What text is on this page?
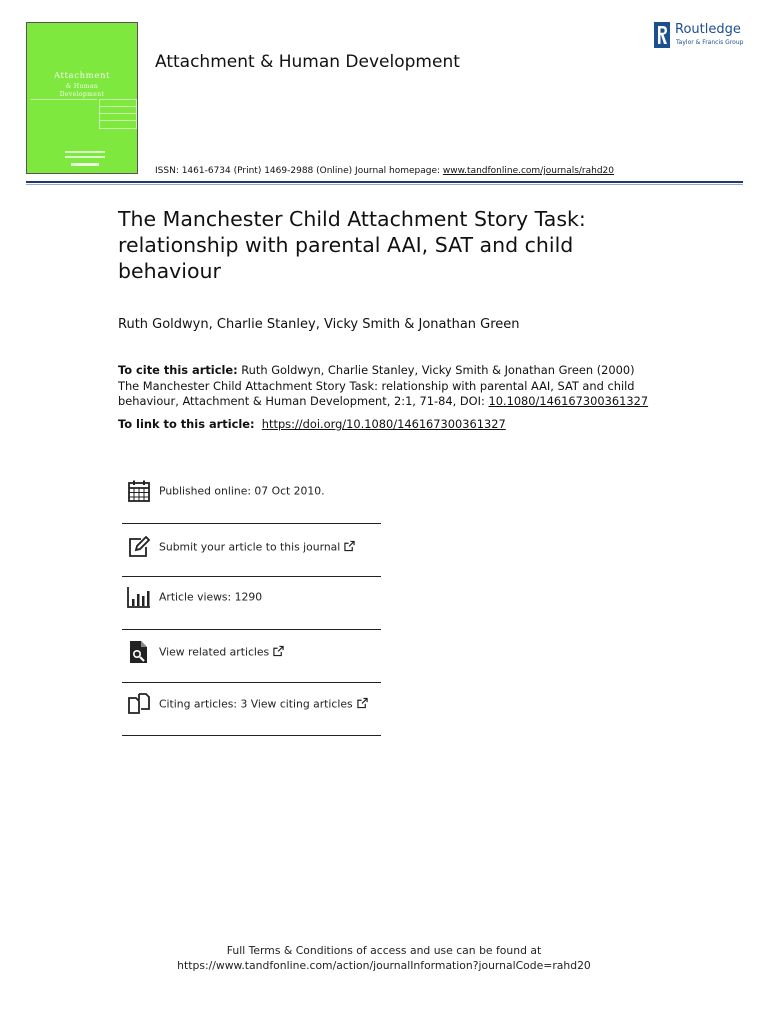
Attachment
& Human
Development
Attachment & Human Development
Routledge
Taylor & Francis Group
ISSN: 1461-6734 (Print) 1469-2988 (Online) Journal homepage: www.tandfonline.com/journals/rahd20
The Manchester Child Attachment Story Task: relationship with parental AAI, SAT and child behaviour
Ruth Goldwyn, Charlie Stanley, Vicky Smith & Jonathan Green
To cite this article: Ruth Goldwyn, Charlie Stanley, Vicky Smith & Jonathan Green (2000) The Manchester Child Attachment Story Task: relationship with parental AAI, SAT and child behaviour, Attachment & Human Development, 2:1, 71-84, DOI: 10.1080/146167300361327
To link to this article: https://doi.org/10.1080/146167300361327
Published online: 07 Oct 2010.
Submit your article to this journal
Article views: 1290
View related articles
Citing articles: 3 View citing articles
Full Terms & Conditions of access and use can be found at
https://www.tandfonline.com/action/journalInformation?journalCode=rahd20
